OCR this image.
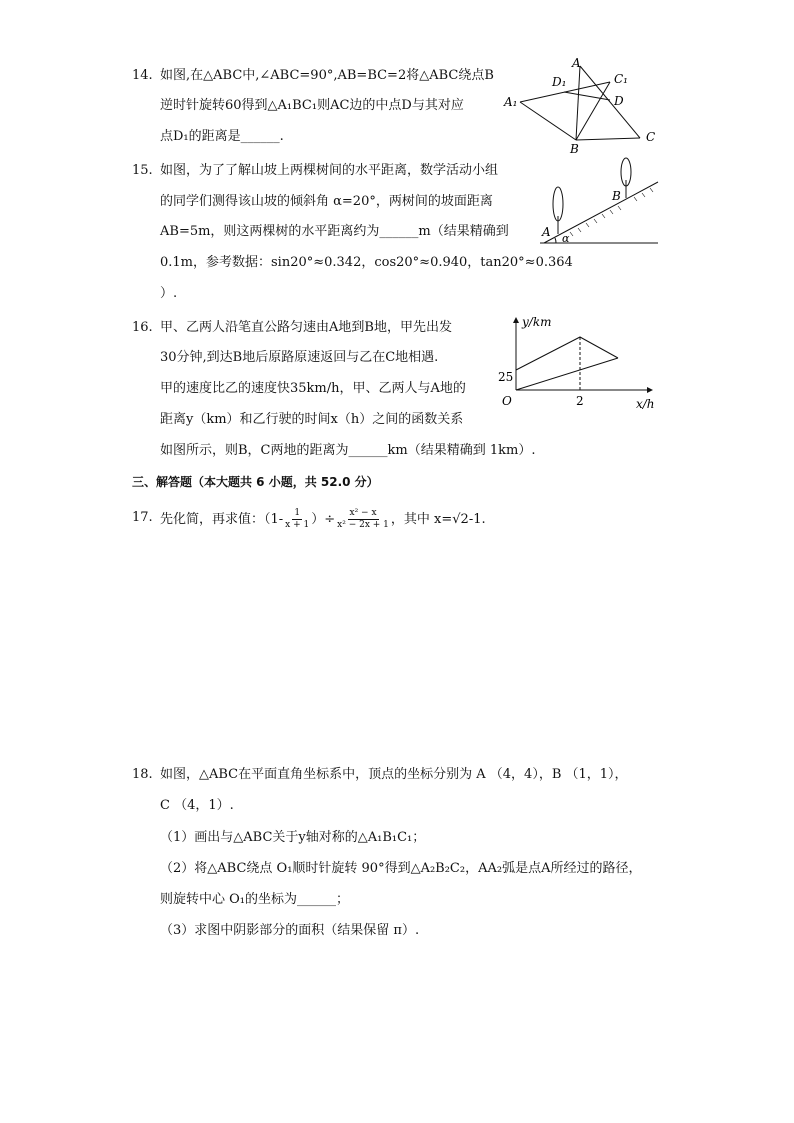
14. 如图,在△ABC中,∠ABC=90°,AB=BC=2将△ABC绕点B
逆时针旋转60得到△A₁BC₁则AC边的中点D与其对应
点D₁的距离是______.
A
D₁	C₁
D
A₁
B
C
15. 如图，为了了解山坡上两棵树间的水平距离，数学活动小组
的同学们测得该山坡的倾斜角 α=20°，两树间的坡面距离
AB=5m，则这两棵树的水平距离约为______m（结果精确到
0.1m，参考数据：sin20°≈0.342，cos20°≈0.940，tan20°≈0.364
）.
A
B
α
16. 甲、乙两人沿笔直公路匀速由A地到B地，甲先出发
30分钟,到达B地后原路原速返回与乙在C地相遇.
甲的速度比乙的速度快35km/h，甲、乙两人与A地的
距离y（km）和乙行驶的时间x（h）之间的函数关系
如图所示，则B，C两地的距离为______km（结果精确到 1km）.
y/km
x/h
O
25
2
三、解答题（本大题共 6 小题，共 52.0 分）
17. 先化简，再求值：（$1- \frac{1}{x + 1}$ ）÷ $\frac{\text{x² − x}}{\text{x² − 2x + 1}}$ ，其中 x=√2-1.
18. 如图，△ABC在平面直角坐标系中，顶点的坐标分别为 A （4，4），B （1，1），
C （4，1）.
（1）画出与△ABC关于y轴对称的△A₁B₁C₁；
（2）将△ABC绕点 O₁顺时针旋转 90°得到△A₂B₂C₂，AA₂弧是点A所经过的路径，
则旋转中心 O₁的坐标为______；
（3）求图中阴影部分的面积（结果保留 π）.
